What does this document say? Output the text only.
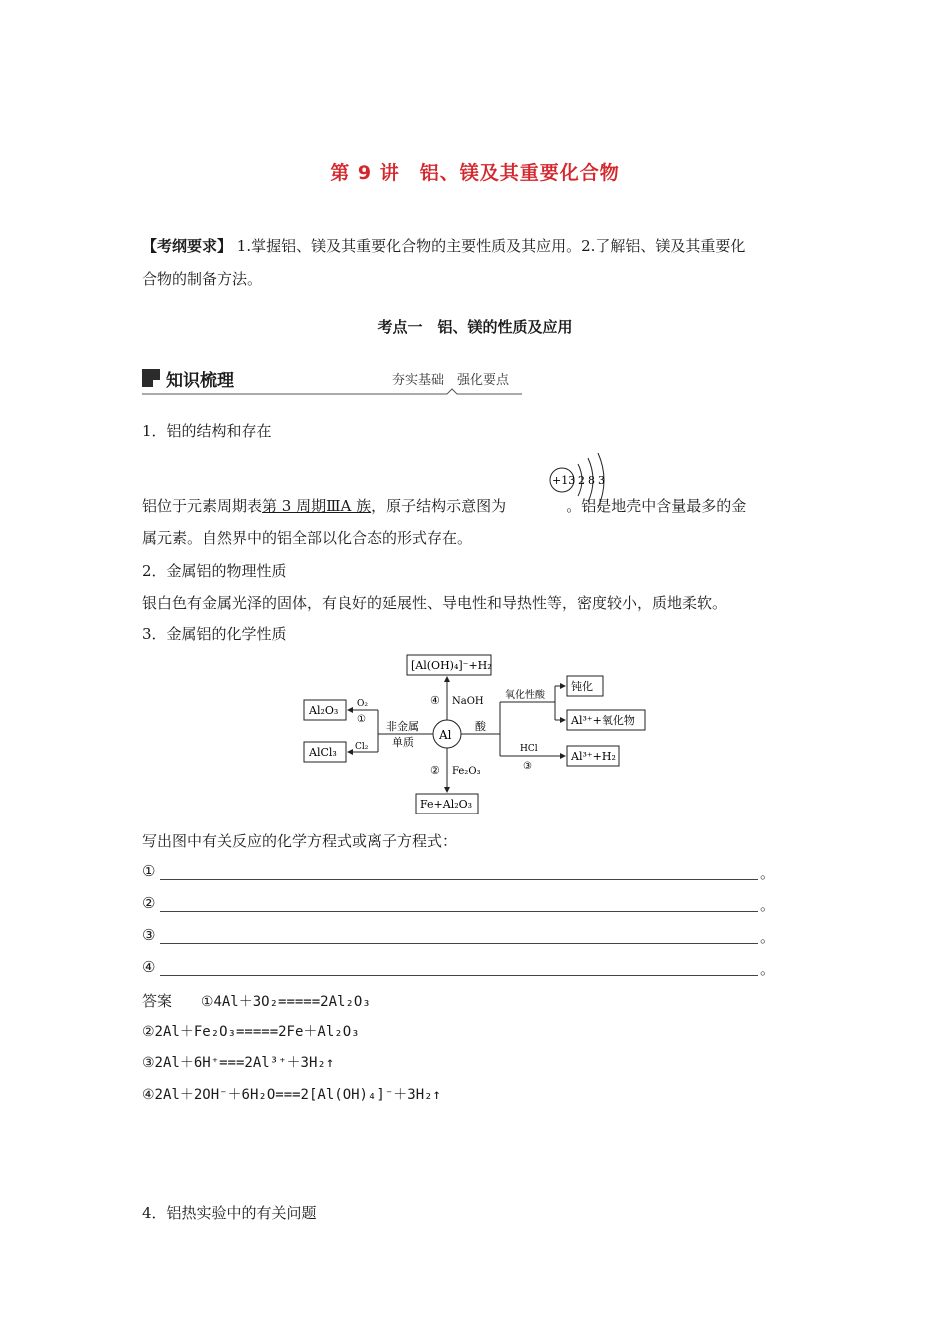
第 9 讲　铝、镁及其重要化合物
【考纲要求】 1.掌握铝、镁及其重要化合物的主要性质及其应用。2.了解铝、镁及其重要化
合物的制备方法。
考点一　铝、镁的性质及应用
知识梳理	夯实基础　强化要点
1．铝的结构和存在
+13 2 8 3
铝位于元素周期表第 3 周期ⅢA 族，原子结构示意图为	。铝是地壳中含量最多的金
属元素。自然界中的铝全部以化合态的形式存在。
2．金属铝的物理性质
银白色有金属光泽的固体，有良好的延展性、导电性和导热性等，密度较小，质地柔软。
3．金属铝的化学性质
Al
[Al(OH)₄]⁻+H₂
④ NaOH
Al₂O₃
AlCl₃
O₂
①
Cl₂
非金属
单质
Fe+Al₂O₃
② Fe₂O₃
酸
氧化性酸
钝化
Al³⁺+氧化物
HCl
③
Al³⁺+H₂
写出图中有关反应的化学方程式或离子方程式：
①	。
②	。
③	。
④	。
答案 ①4Al＋3O₂=====2Al₂O₃
②2Al＋Fe₂O₃=====2Fe＋Al₂O₃
③2Al＋6H⁺===2Al³⁺＋3H₂↑
④2Al＋2OH⁻＋6H₂O===2[Al(OH)₄]⁻＋3H₂↑
4．铝热实验中的有关问题
